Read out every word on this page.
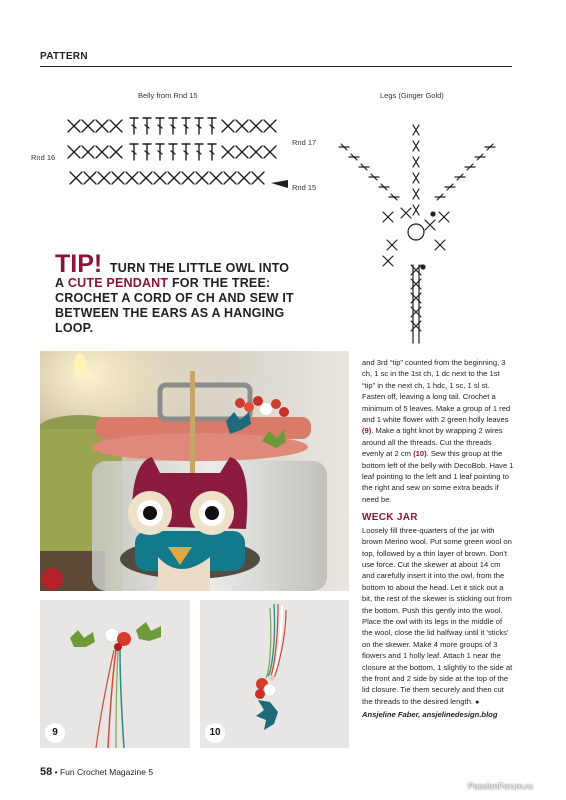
PATTERN
Belly from Rnd 15
Rnd 16
Rnd 17
Rnd 15
Legs (Ginger Gold)
TIP! TURN THE LITTLE OWL INTO A CUTE PENDANT FOR THE TREE: CROCHET A CORD OF CH AND SEW IT BETWEEN THE EARS AS A HANGING LOOP.
9	10

and 3rd “tip” counted from the beginning, 3 ch, 1 sc in the 1st ch, 1 dc next to the 1st “tip” in the next ch, 1 hdc, 1 sc, 1 sl st. Fasten off, leaving a long tail. Crochet a minimum of 5 leaves. Make a group of 1 red and 1 white flower with 2 green holly leaves (9). Make a tight knot by wrapping 2 wires around all the threads. Cut the threads evenly at 2 cm (10). Sew this group at the bottom left of the belly with DecoBob. Have 1 leaf pointing to the left and 1 leaf pointing to the right and sew on some extra beads if need be.

WECK JAR

Loosely fill three-quarters of the jar with brown Merino wool. Put some green wool on top, followed by a thin layer of brown. Don't use force. Cut the skewer at about 14 cm and carefully insert it into the owl, from the bottom to about the head. Let it stick out a bit, the rest of the skewer is sticking out from the bottom. Push this gently into the wool. Place the owl with its legs in the middle of the wool, close the lid halfway until it 'sticks' on the skewer. Make 4 more groups of 3 flowers and 1 holly leaf. Attach 1 near the closure at the bottom, 1 slightly to the side at the front and 2 side by side at the top of the lid closure. Tie them securely and then cut the threads to the desired length. ●

Ansjeline Faber, ansjelinedesign.blog
58 • Fun Crochet Magazine 5
PassionForum.ru
